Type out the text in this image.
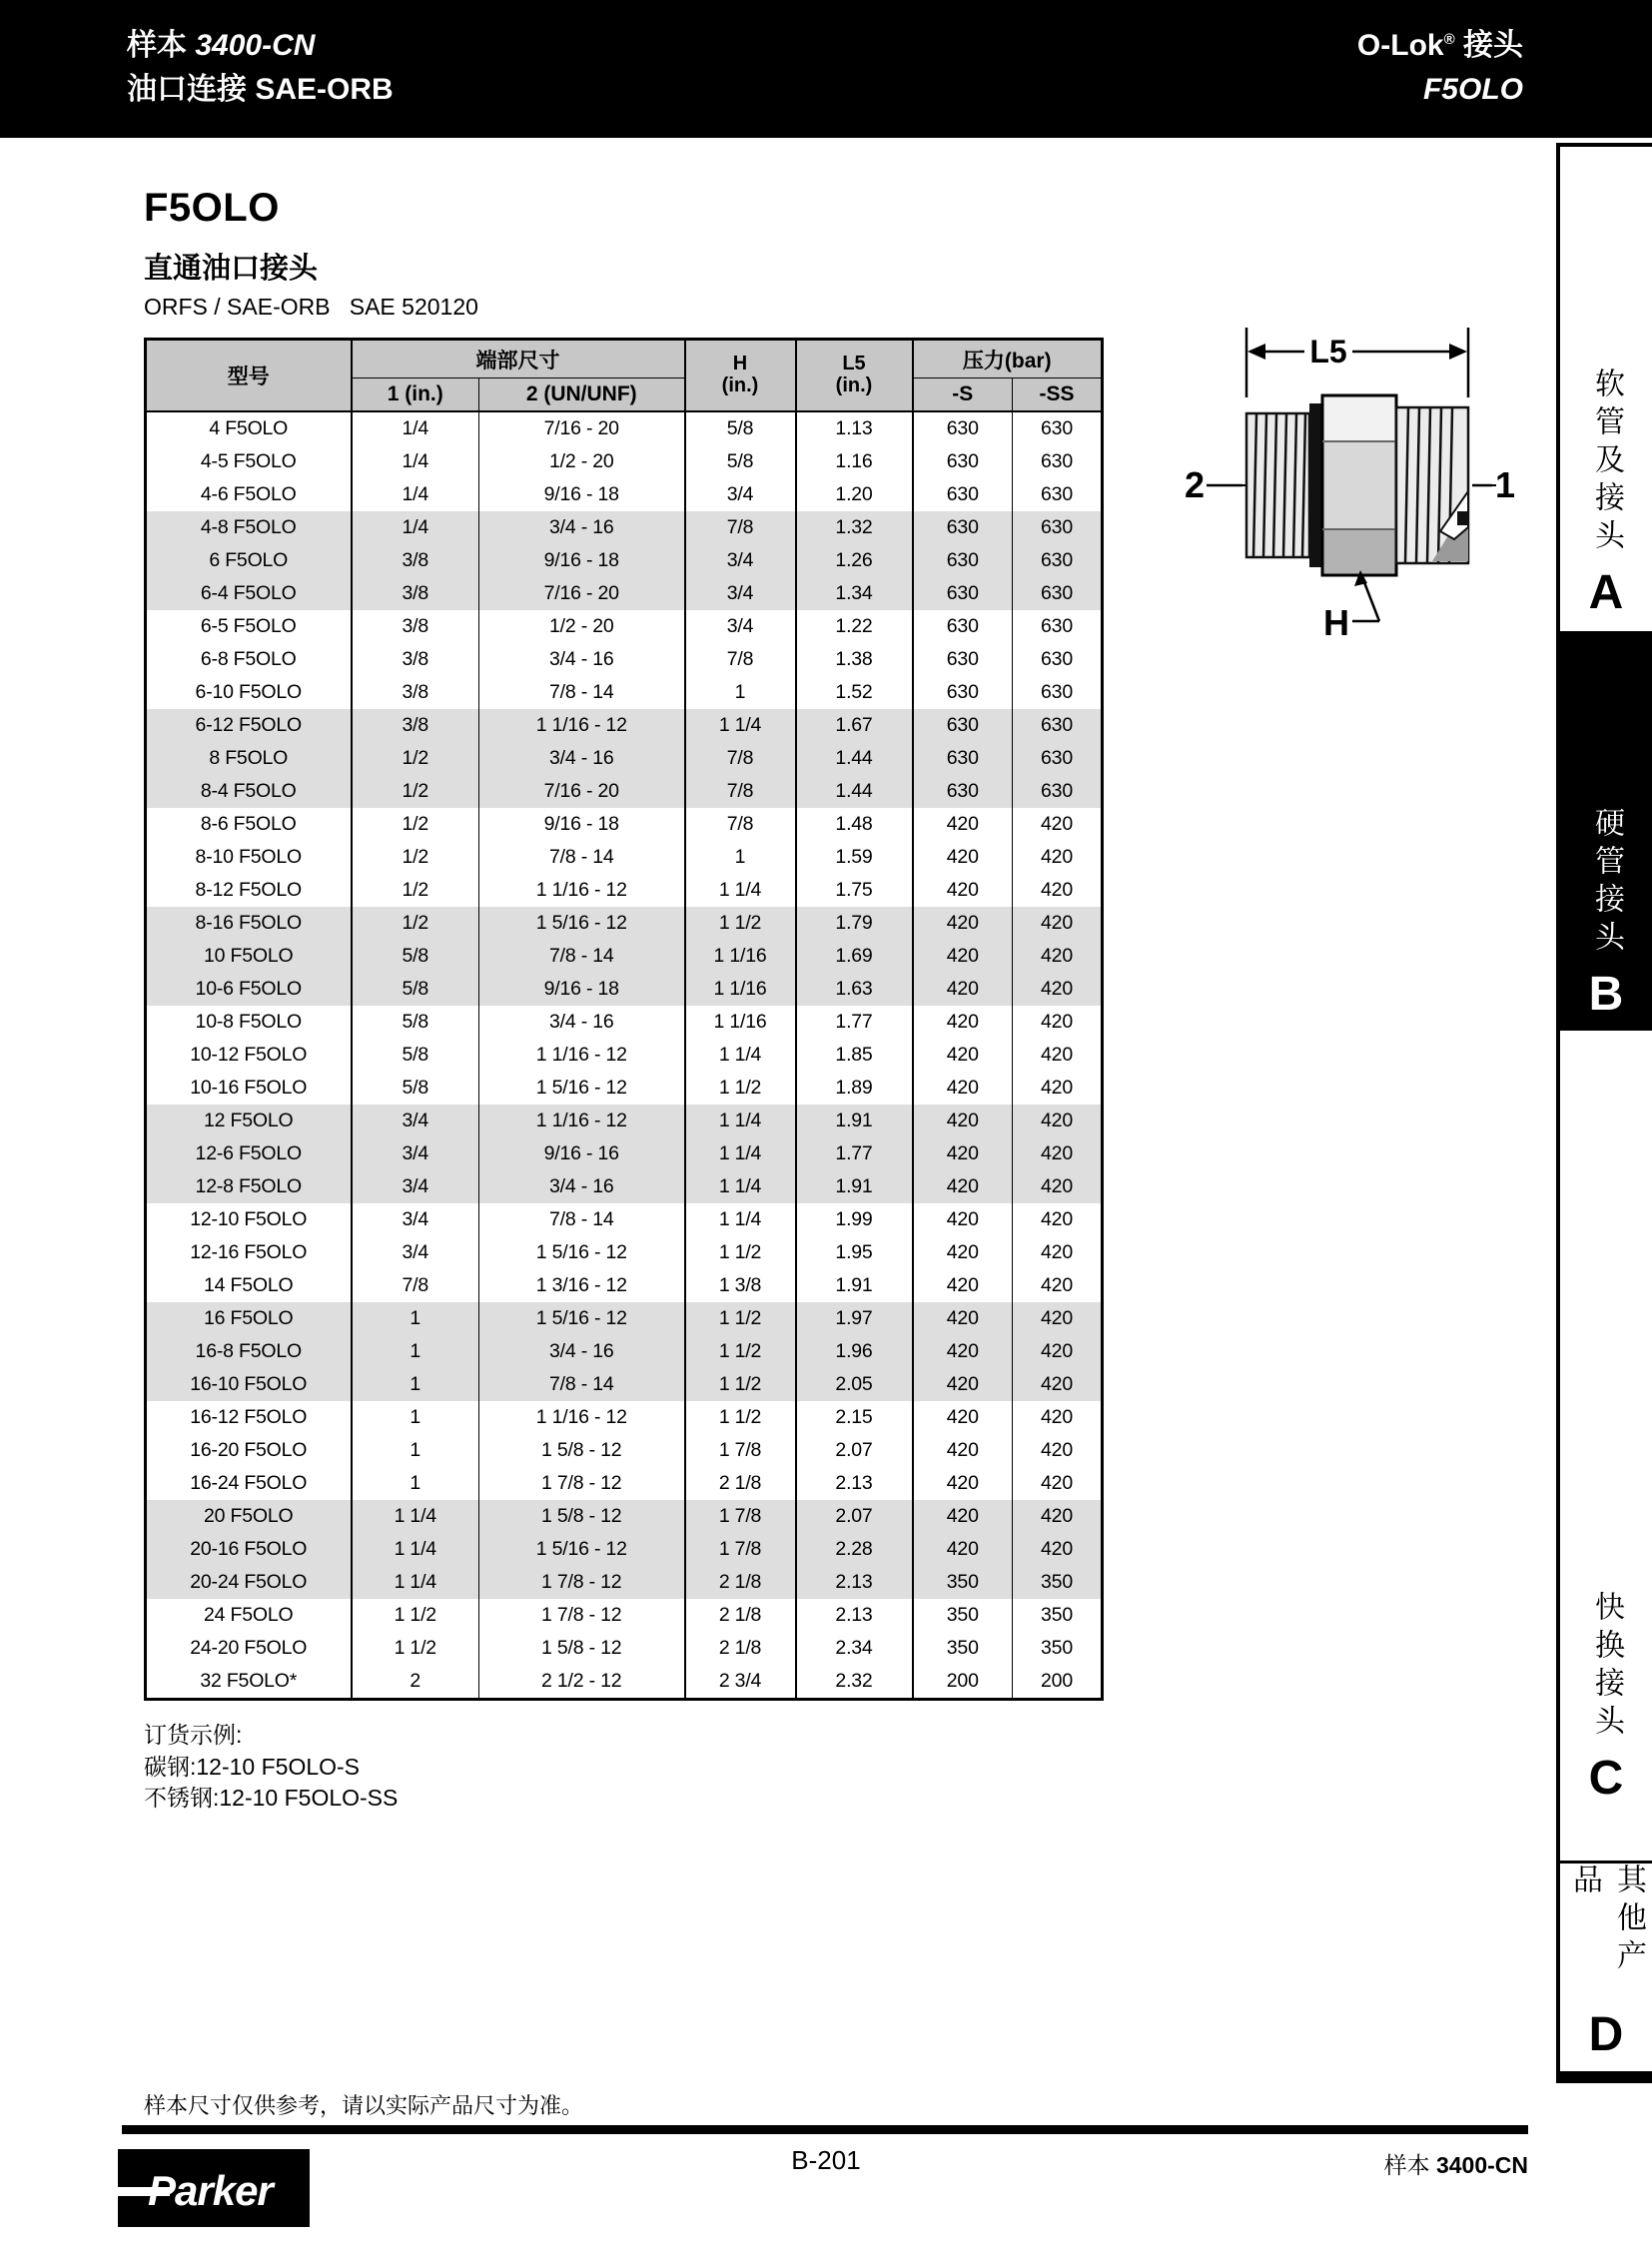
样本 3400-CN
油口连接 SAE-ORB
O-Lok® 接头
F5OLO
F5OLO
直通油口接头
ORFS / SAE-ORB   SAE 520120
L5
2	1
H
型号	端部尺寸	H
(in.)

L5
(in.)
	压力(bar)
	1 (in.)	2 (UN/UNF)			-S	-SS
4 F5OLO	1/4	7/16 - 20	5/8	1.13	630	630
4-5 F5OLO	1/4	1/2 - 20	5/8	1.16	630	630
4-6 F5OLO	1/4	9/16 - 18	3/4	1.20	630	630
4-8 F5OLO	1/4	3/4 - 16	7/8	1.32	630	630
6 F5OLO	3/8	9/16 - 18	3/4	1.26	630	630
6-4 F5OLO	3/8	7/16 - 20	3/4	1.34	630	630
6-5 F5OLO	3/8	1/2 - 20	3/4	1.22	630	630
6-8 F5OLO	3/8	3/4 - 16	7/8	1.38	630	630
6-10 F5OLO	3/8	7/8 - 14	1	1.52	630	630
6-12 F5OLO	3/8	1 1/16 - 12	1 1/4	1.67	630	630
8 F5OLO	1/2	3/4 - 16	7/8	1.44	630	630
8-4 F5OLO	1/2	7/16 - 20	7/8	1.44	630	630
8-6 F5OLO	1/2	9/16 - 18	7/8	1.48	420	420
8-10 F5OLO	1/2	7/8 - 14	1	1.59	420	420
8-12 F5OLO	1/2	1 1/16 - 12	1 1/4	1.75	420	420
8-16 F5OLO	1/2	1 5/16 - 12	1 1/2	1.79	420	420
10 F5OLO	5/8	7/8 - 14	1 1/16	1.69	420	420
10-6 F5OLO	5/8	9/16 - 18	1 1/16	1.63	420	420
10-8 F5OLO	5/8	3/4 - 16	1 1/16	1.77	420	420
10-12 F5OLO	5/8	1 1/16 - 12	1 1/4	1.85	420	420
10-16 F5OLO	5/8	1 5/16 - 12	1 1/2	1.89	420	420
12 F5OLO	3/4	1 1/16 - 12	1 1/4	1.91	420	420
12-6 F5OLO	3/4	9/16 - 16	1 1/4	1.77	420	420
12-8 F5OLO	3/4	3/4 - 16	1 1/4	1.91	420	420
12-10 F5OLO	3/4	7/8 - 14	1 1/4	1.99	420	420
12-16 F5OLO	3/4	1 5/16 - 12	1 1/2	1.95	420	420
14 F5OLO	7/8	1 3/16 - 12	1 3/8	1.91	420	420
16 F5OLO	1	1 5/16 - 12	1 1/2	1.97	420	420
16-8 F5OLO	1	3/4 - 16	1 1/2	1.96	420	420
16-10 F5OLO	1	7/8 - 14	1 1/2	2.05	420	420
16-12 F5OLO	1	1 1/16 - 12	1 1/2	2.15	420	420
16-20 F5OLO	1	1 5/8 - 12	1 7/8	2.07	420	420
16-24 F5OLO	1	1 7/8 - 12	2 1/8	2.13	420	420
20 F5OLO	1 1/4	1 5/8 - 12	1 7/8	2.07	420	420
20-16 F5OLO	1 1/4	1 5/16 - 12	1 7/8	2.28	420	420
20-24 F5OLO	1 1/4	1 7/8 - 12	2 1/8	2.13	350	350
24 F5OLO	1 1/2	1 7/8 - 12	2 1/8	2.13	350	350
24-20 F5OLO	1 1/2	1 5/8 - 12	2 1/8	2.34	350	350
32 F5OLO*	2	2 1/2 - 12	2 3/4	2.32	200	200
订货示例:
碳钢:12-10 F5OLO-S
不锈钢:12-10 F5OLO-SS
软管及接头
A
硬管接头
B
快换接头
C
其他产品
D
样本尺寸仅供参考，请以实际产品尺寸为准。
B-201	样本 3400-CN
Parker
